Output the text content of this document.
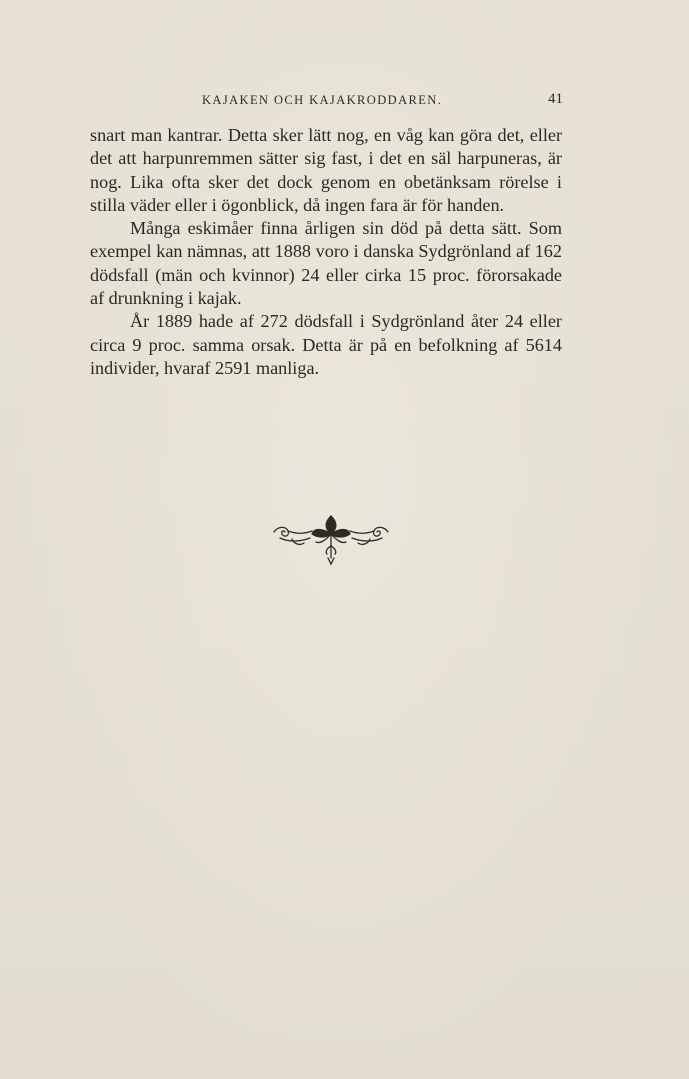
KAJAKEN OCH KAJAKRODDAREN.	41

snart man kantrar. Detta sker lätt nog, en våg kan göra det, eller det att harpunremmen sätter sig fast, i det en säl harpuneras, är nog. Lika ofta sker det dock genom en obetänksam rörelse i stilla väder eller i ögonblick, då ingen fara är för handen.

Många eskimåer finna årligen sin död på detta sätt. Som exempel kan nämnas, att 1888 voro i danska Sydgrönland af 162 dödsfall (män och kvinnor) 24 eller cirka 15 proc. förorsakade af drunkning i kajak.

År 1889 hade af 272 dödsfall i Sydgrönland åter 24 eller circa 9 proc. samma orsak. Detta är på en befolkning af 5614 individer, hvaraf 2591 manliga.
